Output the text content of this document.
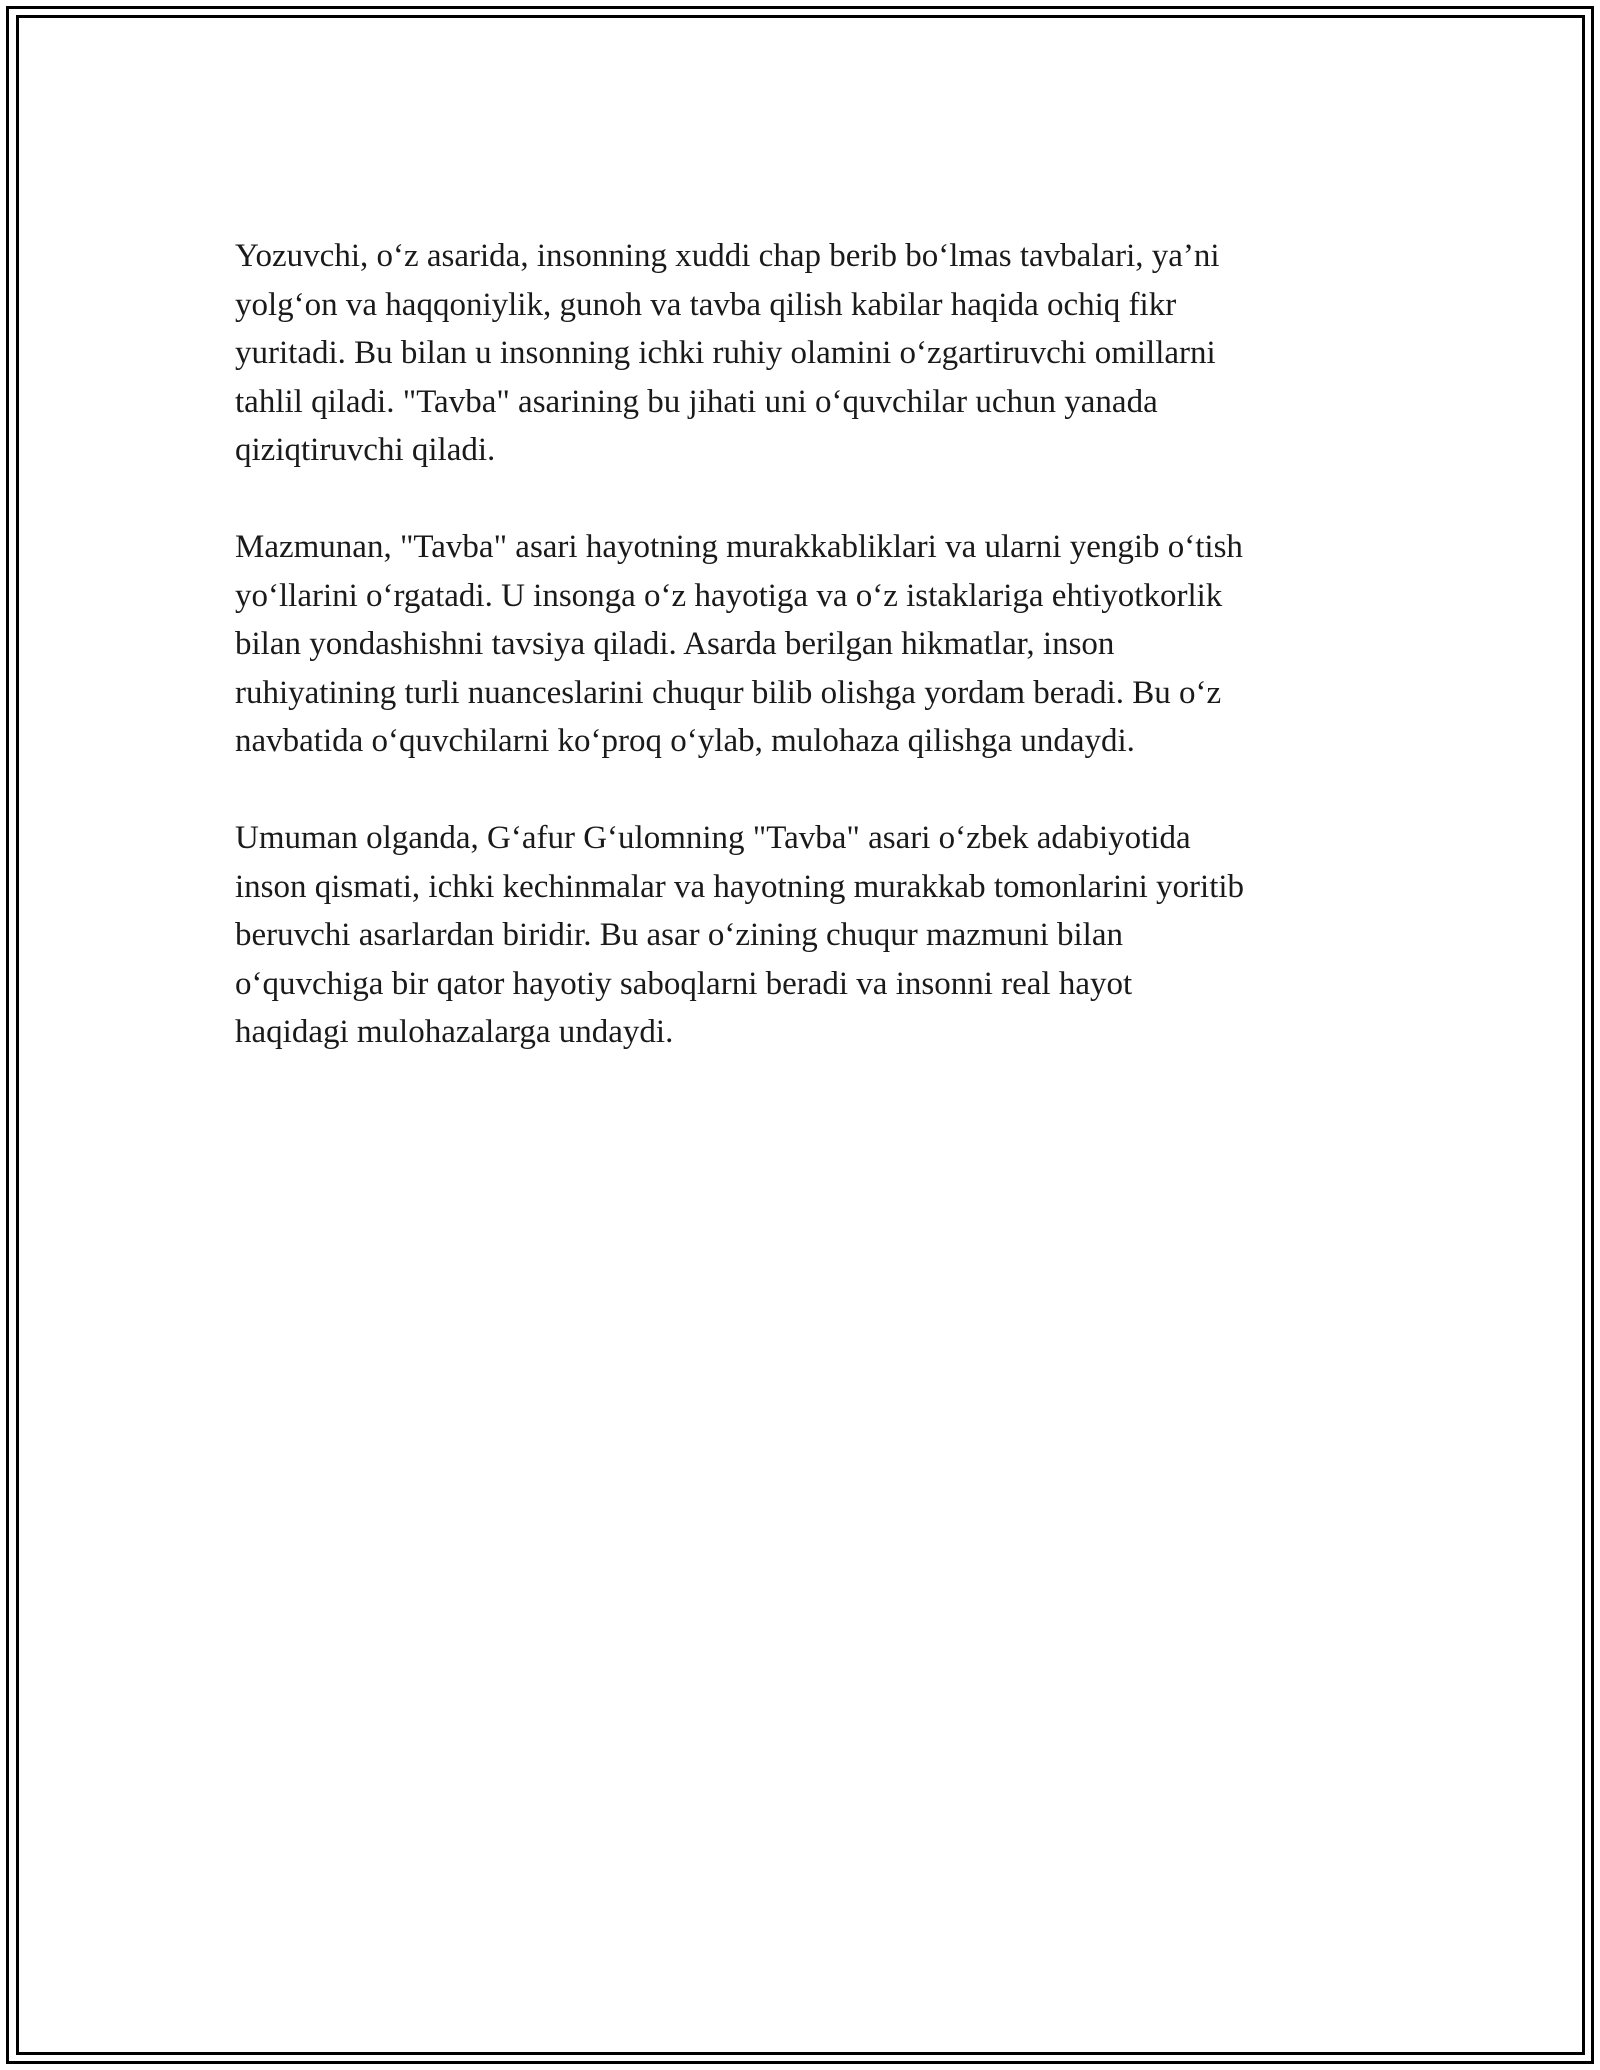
Yozuvchi, o‘z asarida, insonning xuddi chap berib bo‘lmas tavbalari, ya’ni
yolg‘on va haqqoniylik, gunoh va tavba qilish kabilar haqida ochiq fikr
yuritadi. Bu bilan u insonning ichki ruhiy olamini o‘zgartiruvchi omillarni
tahlil qiladi. "Tavba" asarining bu jihati uni o‘quvchilar uchun yanada
qiziqtiruvchi qiladi.

Mazmunan, "Tavba" asari hayotning murakkabliklari va ularni yengib o‘tish
yo‘llarini o‘rgatadi. U insonga o‘z hayotiga va o‘z istaklariga ehtiyotkorlik
bilan yondashishni tavsiya qiladi. Asarda berilgan hikmatlar, inson
ruhiyatining turli nuanceslarini chuqur bilib olishga yordam beradi. Bu o‘z
navbatida o‘quvchilarni ko‘proq o‘ylab, mulohaza qilishga undaydi.

Umuman olganda, G‘afur G‘ulomning "Tavba" asari o‘zbek adabiyotida
inson qismati, ichki kechinmalar va hayotning murakkab tomonlarini yoritib
beruvchi asarlardan biridir. Bu asar o‘zining chuqur mazmuni bilan
o‘quvchiga bir qator hayotiy saboqlarni beradi va insonni real hayot
haqidagi mulohazalarga undaydi.
